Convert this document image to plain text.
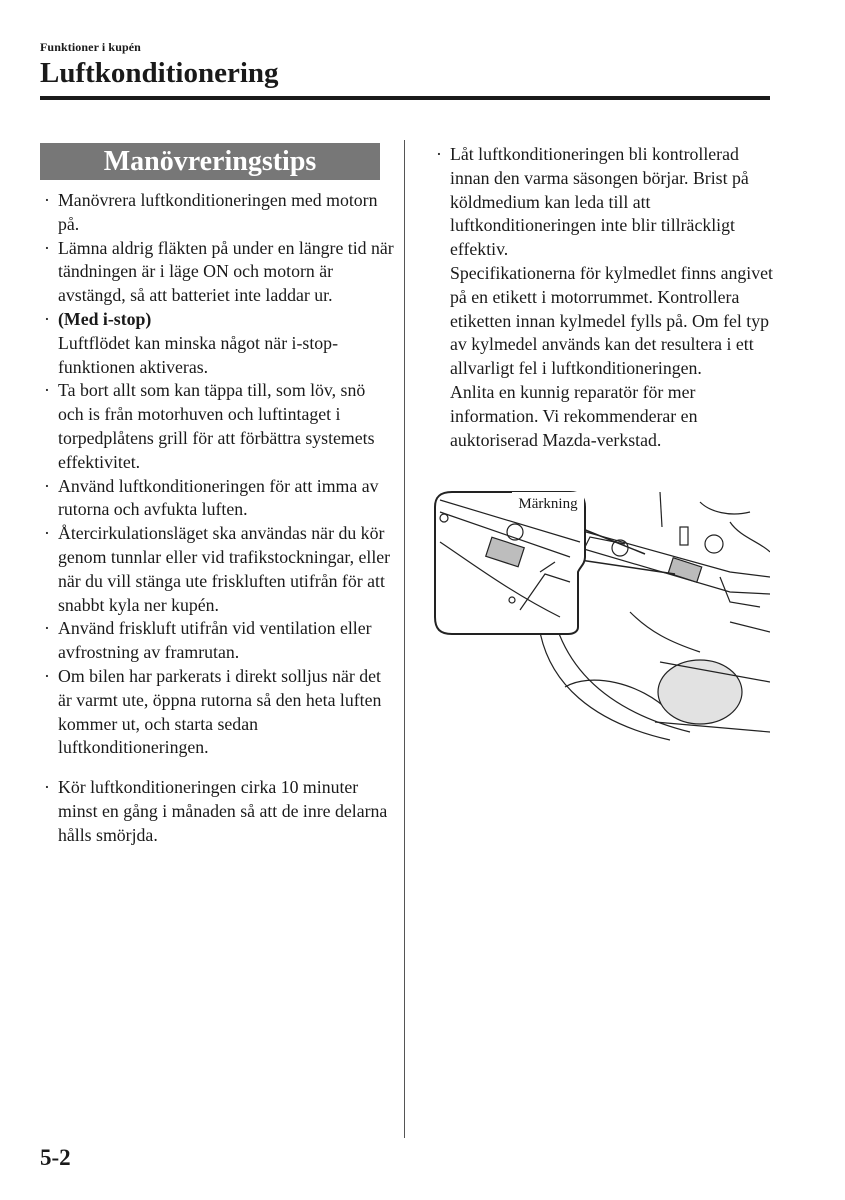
Funktioner i kupén
Luftkonditionering
Manövreringstips

· Manövrera luftkonditioneringen med motorn på.

· Lämna aldrig fläkten på under en längre tid när tändningen är i läge ON och motorn är avstängd, så att batteriet inte laddar ur.

· (Med i-stop)
Luftflödet kan minska något när i-stop-funktionen aktiveras.

· Ta bort allt som kan täppa till, som löv, snö och is från motorhuven och luftintaget i torpedplåtens grill för att förbättra systemets effektivitet.

· Använd luftkonditioneringen för att imma av rutorna och avfukta luften.

· Återcirkulationsläget ska användas när du kör genom tunnlar eller vid trafikstockningar, eller när du vill stänga ute friskluften utifrån för att snabbt kyla ner kupén.

· Använd friskluft utifrån vid ventilation eller avfrostning av framrutan.

· Om bilen har parkerats i direkt solljus när det är varmt ute, öppna rutorna så den heta luften kommer ut, och starta sedan luftkonditioneringen.

· Kör luftkonditioneringen cirka 10 minuter minst en gång i månaden så att de inre delarna hålls smörjda.

· Låt luftkonditioneringen bli kontrollerad innan den varma säsongen börjar. Brist på köldmedium kan leda till att luftkonditioneringen inte blir tillräckligt effektiv.
Specifikationerna för kylmedlet finns angivet på en etikett i motorrummet. Kontrollera etiketten innan kylmedel fylls på. Om fel typ av kylmedel används kan det resultera i ett allvarligt fel i luftkonditioneringen.
Anlita en kunnig reparatör för mer information. Vi rekommenderar en auktoriserad Mazda-verkstad.

Märkning
5-2
